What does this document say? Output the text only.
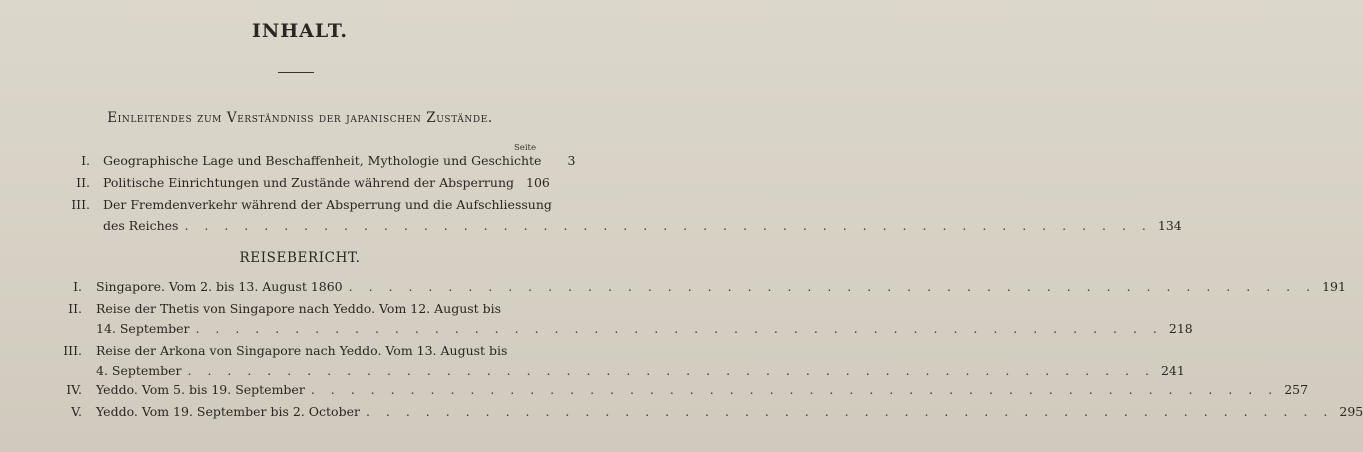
INHALT.
Einleitendes zum Verständniss der japanischen Zustände.
Seite
I. Geographische Lage und Beschaffenheit, Mythologie und Geschichte	3
II. Politische Einrichtungen und Zustände während der Absperrung 106
III. Der Fremdenverkehr während der Absperrung und die Aufschliessung
des Reiches . . . . . . . . . . . . . . . . . . . . . . . . . . . . . . . . . . . . . . . . . . . . . . . . . 134
REISEBERICHT.
I. Singapore. Vom 2. bis 13. August 1860 . . . . . . . . . . . . . . . . . . . . . . . . . . . . . . . . . . . . . . . . . . . . . . . . . 191
II. Reise der Thetis von Singapore nach Yeddo. Vom 12. August bis
14. September . . . . . . . . . . . . . . . . . . . . . . . . . . . . . . . . . . . . . . . . . . . . . . . . . 218
III. Reise der Arkona von Singapore nach Yeddo. Vom 13. August bis
4. September . . . . . . . . . . . . . . . . . . . . . . . . . . . . . . . . . . . . . . . . . . . . . . . . . 241
IV. Yeddo. Vom 5. bis 19. September . . . . . . . . . . . . . . . . . . . . . . . . . . . . . . . . . . . . . . . . . . . . . . . . . 257
V. Yeddo. Vom 19. September bis 2. October . . . . . . . . . . . . . . . . . . . . . . . . . . . . . . . . . . . . . . . . . . . . . . . . . 295
